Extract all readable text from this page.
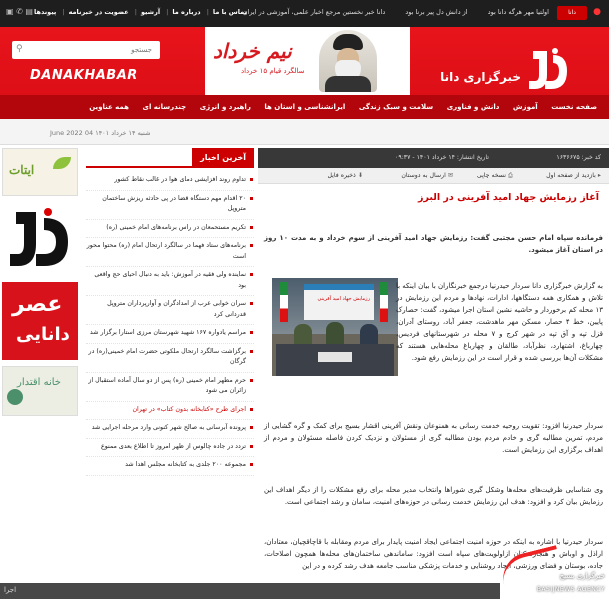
▣ ✆ ▤	تماس با ما| درباره ما| آرشیو| عضویت در خبرنامه| پیوندها	اولتیا مهر هرگه دانا بود از دانش دل پیر برنا بود دانا خبر نخستین مرجع اخبار علمی، آموزشی در ایران	دانا	●
⚲
جستجو
DANAKHABAR
نیم خرداد
سالگرد قیام ۱۵ خرداد	خبرگزاری دانا
صفحه نخست آموزش دانش و فناوری سلامت و سبک زندگی ایرانشناسی و استان ها راهبرد و انرژی چندرسانه ای همه عناوین
شنبه ۱۴ خرداد ۱۴۰۱ 04 June 2022
ایتات
عصر
دانایی
خانه اقتدار
آخرین اخبار
تداوم روند افزایشی دمای هوا در غالب نقاط کشور
۲۰ اقدام مهم دستگاه قضا در پی حادثه ریزش ساختمان متروپل
تکریم مستحمعان در راس برنامه‌های امام خمینی (ره)
برنامه‌های ستاد فهما در سالگرد ارتحال امام (ره) محتوا محور است
نماینده ولی فقیه در آموزش: باید به دنبال احیای حج واقعی بود
سران خوابی عرب از امدادگران و آوارپرداران متروپل قدردانی کرد
مراسم یادواره ۱۶۷ شهید شهرستان مرزی استارا برگزار شد
برگزاشت سالگرد ارتحال ملکوتی حضرت امام خمینی(ره) در گرگان
حرم مطهر امام خمینی (ره) پس از دو سال آماده استقبال از زائران می شود
اجرای طرح «کتابخانه بدون کتاب» در تهران
پرونده آبرسانی به صالح شهر کنونی وارد مرحله اجرایی شد
تردد در جاده چالوس از ظهر امروز تا اطلاع بعدی ممنوع
مجموعه ۲۰۰ جلدی به کتابخانه مجلس اهدا شد
کد خبر: ۱۶۳۶۶۷۵
تاریخ انتشار: ۱۴ خرداد ۱۴۰۱ - ۰۹:۳۷
▸بازدید از صفحه اول
⎙نسخه چاپی
✉ارسال به دوستان
⬇ذخیره فایل
آغاز رزمایش جهاد امید آفرینی در البرز
فرمانده سپاه امام حسن مجتبی گفت: رزمایش جهاد امید آفرینی از سوم خرداد و به مدت ۱۰ روز در استان آغاز میشود.
رزمایش جهاد امید آفرینی
به گزارش خبرگزاری دانا سردار حیدرنیا درجمع خبرنگاران با بیان اینکه با تلاش و همکاری همه دستگاهها، ادارات، نهادها و مردم این رزمایش در ۱۳ محله کم برخوردار و حاشیه نشین استان اجرا میشود، گفت: حصارک پایین، خط ۴ حصار، مسکن مهر ماهدشت، جعفر آباد، روستای آدران، قزل تپه و آق تپه در شهر کرج و ۷ محله در شهرستانهای فردیس، چهارباغ، اشتهارد، نظرآباد، طالقان و چهارباغ محله‌هایی هستند که مشکلات آن‌ها بررسی شده و قرار است در این رزمایش رفع شود.
سردار حیدرنیا افزود: تقویت روحیه خدمت رسانی به همنوعان ونقش آفرینی اقشار بسیج برای کمک و گره گشایی از مردم، تمرین مطالبه گری و خادم مردم بودن مطالبه گری از مسئولان و نزدیک کردن فاصله مسئولان و مردم از اهداف برگزاری این رزمایش است.
وی شناسایی ظرفیت‌های محله‌ها وشکل گیری شوراها وانتخاب مدیر محله برای رفع مشکلات را از دیگر اهداف این رزمایش بیان کرد و افزود: هدف این رزمایش خدمت رسانی در حوزه‌های امنیت، سامان و رشد اجتماعی است.
سردار حیدرنیا با اشاره به اینکه در حوزه امنیت اجتماعی ایجاد امنیت پایدار برای مردم ومقابله با قاچاقچیان، معتادان، اراذل و اوباش و هنجارشکنان ازاولویت‌های سپاه است افزود: ساماندهی ساختمان‌های محله‌ها همچون اصلاحات، جاده، بوستان و فضای ورزشی، ایجاد روشنایی و خدمات پزشکی مناسب جامعه هدف رشد کرده و در این
اجرا
خبرگزاری بسیج
BASIJNEWS AGENCY
